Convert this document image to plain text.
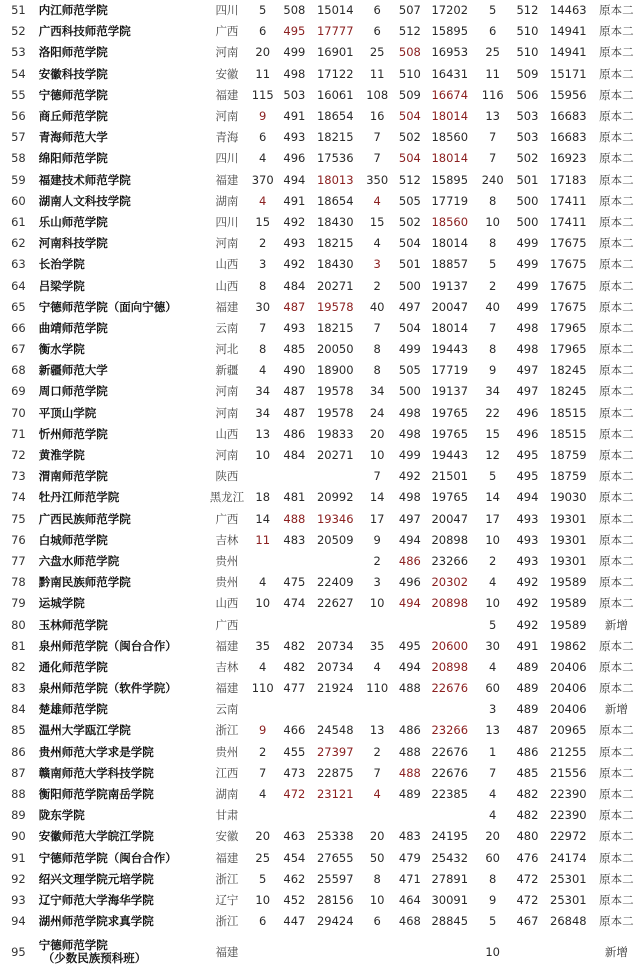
51	内江师范学院	四川	5	508	15014	6	507	17202	5	512	14463	原本二
52	广西科技师范学院	广西	6	495	17777	6	512	15895	6	510	14941	原本二
53	洛阳师范学院	河南	20	499	16901	25	508	16953	25	510	14941	原本二
54	安徽科技学院	安徽	11	498	17122	11	510	16431	11	509	15171	原本二
55	宁德师范学院	福建	115	503	16061	108	509	16674	116	506	15956	原本二
56	商丘师范学院	河南	9	491	18654	16	504	18014	13	503	16683	原本二
57	青海师范大学	青海	6	493	18215	7	502	18560	7	503	16683	原本二
58	绵阳师范学院	四川	4	496	17536	7	504	18014	7	502	16923	原本二
59	福建技术师范学院	福建	370	494	18013	350	512	15895	240	501	17183	原本二
60	湖南人文科技学院	湖南	4	491	18654	4	505	17719	8	500	17411	原本二
61	乐山师范学院	四川	15	492	18430	15	502	18560	10	500	17411	原本二
62	河南科技学院	河南	2	493	18215	4	504	18014	8	499	17675	原本二
63	长治学院	山西	3	492	18430	3	501	18857	5	499	17675	原本二
64	吕梁学院	山西	8	484	20271	2	500	19137	2	499	17675	原本二
65	宁德师范学院（面向宁德）	福建	30	487	19578	40	497	20047	40	499	17675	原本二
66	曲靖师范学院	云南	7	493	18215	7	504	18014	7	498	17965	原本二
67	衡水学院	河北	8	485	20050	8	499	19443	8	498	17965	原本二
68	新疆师范大学	新疆	4	490	18900	8	505	17719	9	497	18245	原本二
69	周口师范学院	河南	34	487	19578	34	500	19137	34	497	18245	原本二
70	平顶山学院	河南	34	487	19578	24	498	19765	22	496	18515	原本二
71	忻州师范学院	山西	13	486	19833	20	498	19765	15	496	18515	原本二
72	黄淮学院	河南	10	484	20271	10	499	19443	12	495	18759	原本二
73	渭南师范学院	陕西				7	492	21501	5	495	18759	原本二
74	牡丹江师范学院	黑龙江	18	481	20992	14	498	19765	14	494	19030	原本二
75	广西民族师范学院	广西	14	488	19346	17	497	20047	17	493	19301	原本二
76	白城师范学院	吉林	11	483	20509	9	494	20898	10	493	19301	原本二
77	六盘水师范学院	贵州				2	486	23266	2	493	19301	原本二
78	黔南民族师范学院	贵州	4	475	22409	3	496	20302	4	492	19589	原本二
79	运城学院	山西	10	474	22627	10	494	20898	10	492	19589	原本二
80	玉林师范学院	广西							5	492	19589	新增
81	泉州师范学院（闽台合作）	福建	35	482	20734	35	495	20600	30	491	19862	原本二
82	通化师范学院	吉林	4	482	20734	4	494	20898	4	489	20406	原本二
83	泉州师范学院（软件学院）	福建	110	477	21924	110	488	22676	60	489	20406	原本二
84	楚雄师范学院	云南							3	489	20406	新增
85	温州大学瓯江学院	浙江	9	466	24548	13	486	23266	13	487	20965	原本二
86	贵州师范大学求是学院	贵州	2	455	27397	2	488	22676	1	486	21255	原本二
87	赣南师范大学科技学院	江西	7	473	22875	7	488	22676	7	485	21556	原本二
88	衡阳师范学院南岳学院	湖南	4	472	23121	4	489	22385	4	482	22390	原本二
89	陇东学院	甘肃							4	482	22390	原本二
90	安徽师范大学皖江学院	安徽	20	463	25338	20	483	24195	20	480	22972	原本二
91	宁德师范学院（闽台合作）	福建	25	454	27655	50	479	25432	60	476	24174	原本二
92	绍兴文理学院元培学院	浙江	5	462	25597	8	471	27891	8	472	25301	原本二
93	辽宁师范大学海华学院	辽宁	10	452	28156	10	464	30091	9	472	25301	原本二
94	湖州师范学院求真学院	浙江	6	447	29424	6	468	28845	5	467	26848	原本二
95	宁德师范学院
（少数民族预科班）	福建							10			新增
